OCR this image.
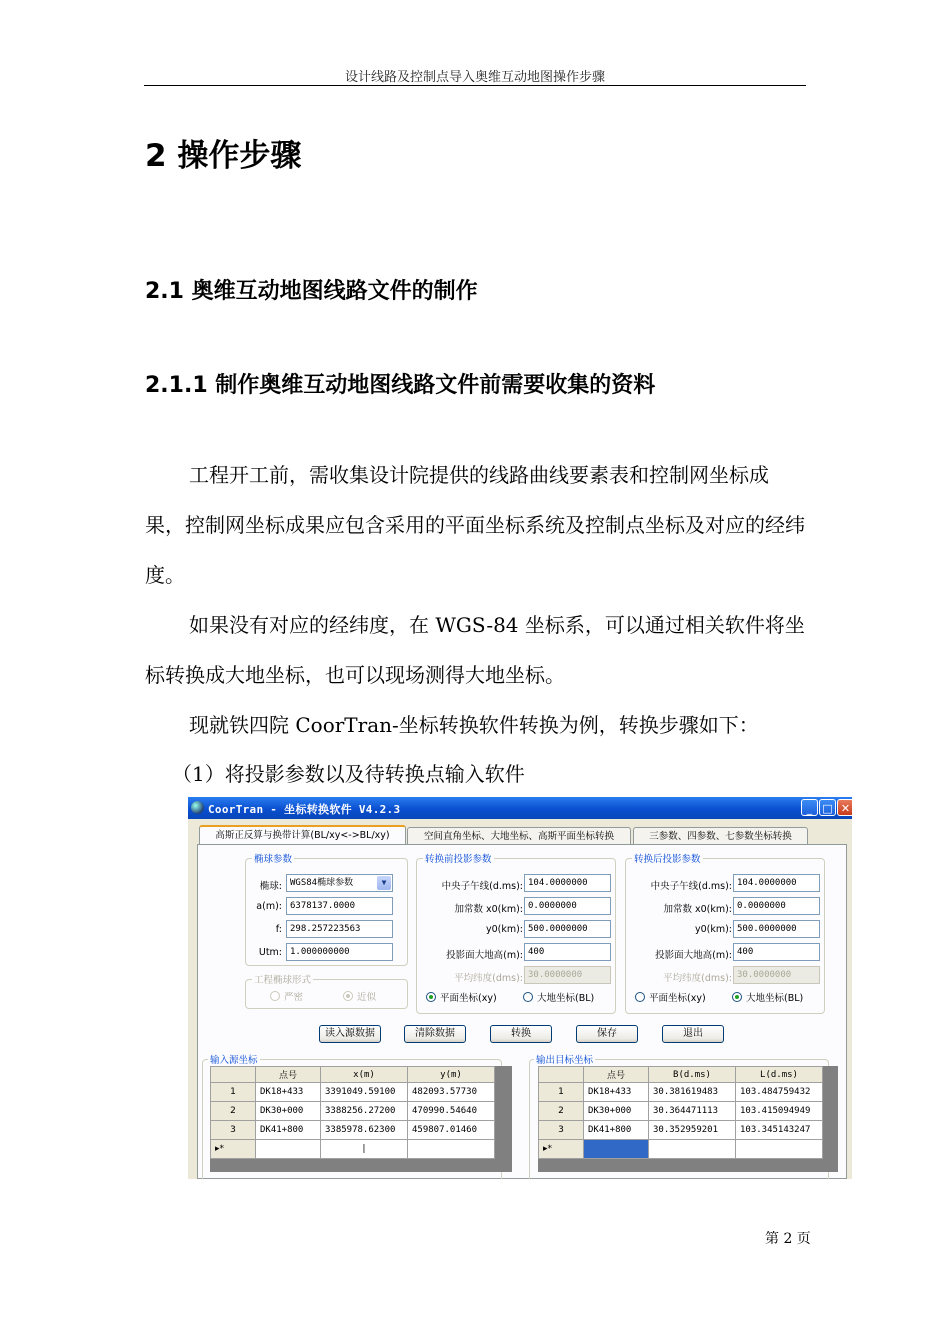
设计线路及控制点导入奥维互动地图操作步骤
2 操作步骤
2.1 奥维互动地图线路文件的制作
2.1.1 制作奥维互动地图线路文件前需要收集的资料
工程开工前，需收集设计院提供的线路曲线要素表和控制网坐标成果，控制网坐标成果应包含采用的平面坐标系统及控制点坐标及对应的经纬度。
如果没有对应的经纬度，在 WGS-84 坐标系，可以通过相关软件将坐标转换成大地坐标，也可以现场测得大地坐标。
现就铁四院 CoorTran-坐标转换软件转换为例，转换步骤如下：
（1）将投影参数以及待转换点输入软件
CoorTran - 坐标转换软件 V4.2.3	_ □ ✕
高斯正反算与换带计算(BL/xy<->BL/xy)	空间直角坐标、大地坐标、高斯平面坐标转换	三参数、四参数、七参数坐标转换
椭球参数
椭球: WGS84椭球参数	▼
a(m): 6378137.0000
f: 298.257223563
Utm: 1.000000000
工程椭球形式
严密	近似
转换前投影参数
中央子午线(d.ms): 104.0000000
加常数 x0(km): 0.0000000
y0(km): 500.0000000
投影面大地高(m): 400
平均纬度(dms): 30.0000000
平面坐标(xy)	大地坐标(BL)
转换后投影参数
中央子午线(d.ms): 104.0000000
加常数 x0(km): 0.0000000
y0(km): 500.0000000
投影面大地高(m): 400
平均纬度(dms): 30.0000000
平面坐标(xy)	大地坐标(BL)
读入源数据	清除数据	转换	保存	退出
输入源坐标
	点号	x(m)	y(m)
1	DK18+433	3391049.59100	482093.57730
2	DK30+000	3388256.27200	470990.54640
3	DK41+800	3385978.62300	459807.01460
▸*		|	
输出目标坐标
	点号	B(d.ms)	L(d.ms)
1	DK18+433	30.381619483	103.484759432
2	DK30+000	30.364471113	103.415094949
3	DK41+800	30.352959201	103.345143247
▸*			
第 2 页
